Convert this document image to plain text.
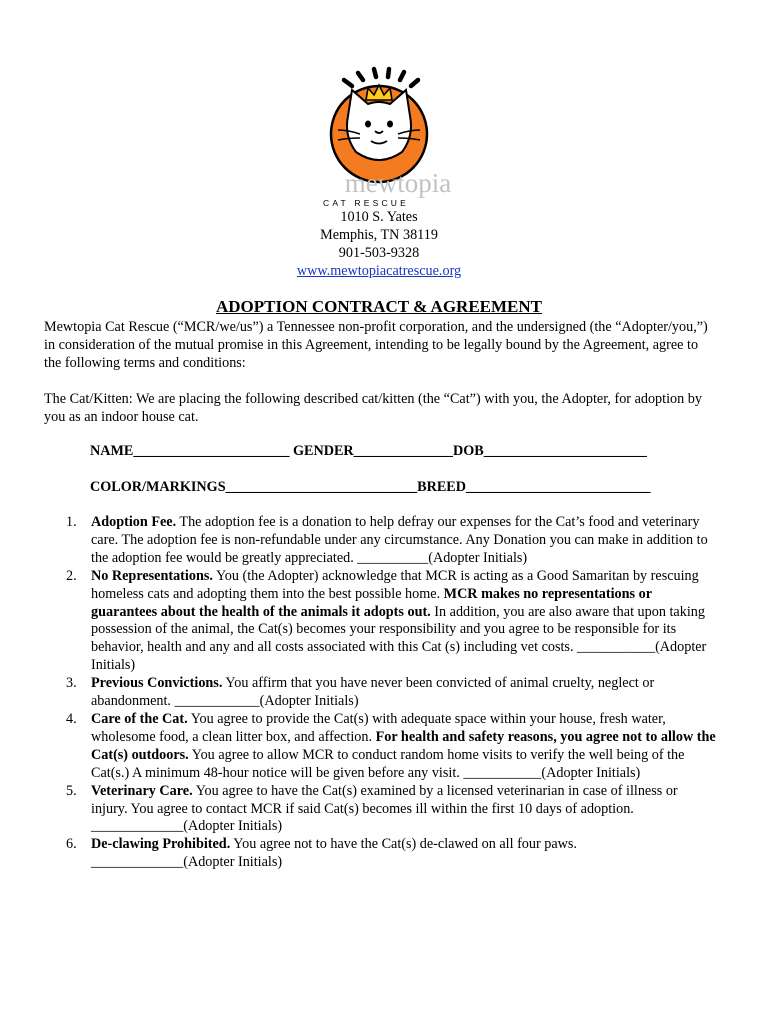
mewtopia
CAT RESCUE
1010 S. Yates
Memphis, TN 38119
901-503-9328
www.mewtopiacatrescue.org
ADOPTION CONTRACT & AGREEMENT
Mewtopia Cat Rescue (“MCR/we/us”) a Tennessee non-profit corporation, and the undersigned (the “Adopter/you,”) in consideration of the mutual promise in this Agreement, intending to be legally bound by the Agreement, agree to the following terms and conditions:
The Cat/Kitten: We are placing the following described cat/kitten (the “Cat”) with you, the Adopter, for adoption by you as an indoor house cat.
NAME______________________ GENDER______________DOB_______________________
COLOR/MARKINGS___________________________BREED__________________________
1. Adoption Fee. The adoption fee is a donation to help defray our expenses for the Cat’s food and veterinary care. The adoption fee is non-refundable under any circumstance. Any Donation you can make in addition to the adoption fee would be greatly appreciated. __________(Adopter Initials)
2. No Representations. You (the Adopter) acknowledge that MCR is acting as a Good Samaritan by rescuing homeless cats and adopting them into the best possible home. MCR makes no representations or guarantees about the health of the animals it adopts out. In addition, you are also aware that upon taking possession of the animal, the Cat(s) becomes your responsibility and you agree to be responsible for its behavior, health and any and all costs associated with this Cat (s) including vet costs. ___________(Adopter Initials)
3. Previous Convictions. You affirm that you have never been convicted of animal cruelty, neglect or abandonment. ____________(Adopter Initials)
4. Care of the Cat. You agree to provide the Cat(s) with adequate space within your house, fresh water, wholesome food, a clean litter box, and affection. For health and safety reasons, you agree not to allow the Cat(s) outdoors. You agree to allow MCR to conduct random home visits to verify the well being of the Cat(s.) A minimum 48-hour notice will be given before any visit. ___________(Adopter Initials)
5. Veterinary Care. You agree to have the Cat(s) examined by a licensed veterinarian in case of illness or injury. You agree to contact MCR if said Cat(s) becomes ill within the first 10 days of adoption. _____________(Adopter Initials)
6. De-clawing Prohibited. You agree not to have the Cat(s) de-clawed on all four paws. _____________(Adopter Initials)
